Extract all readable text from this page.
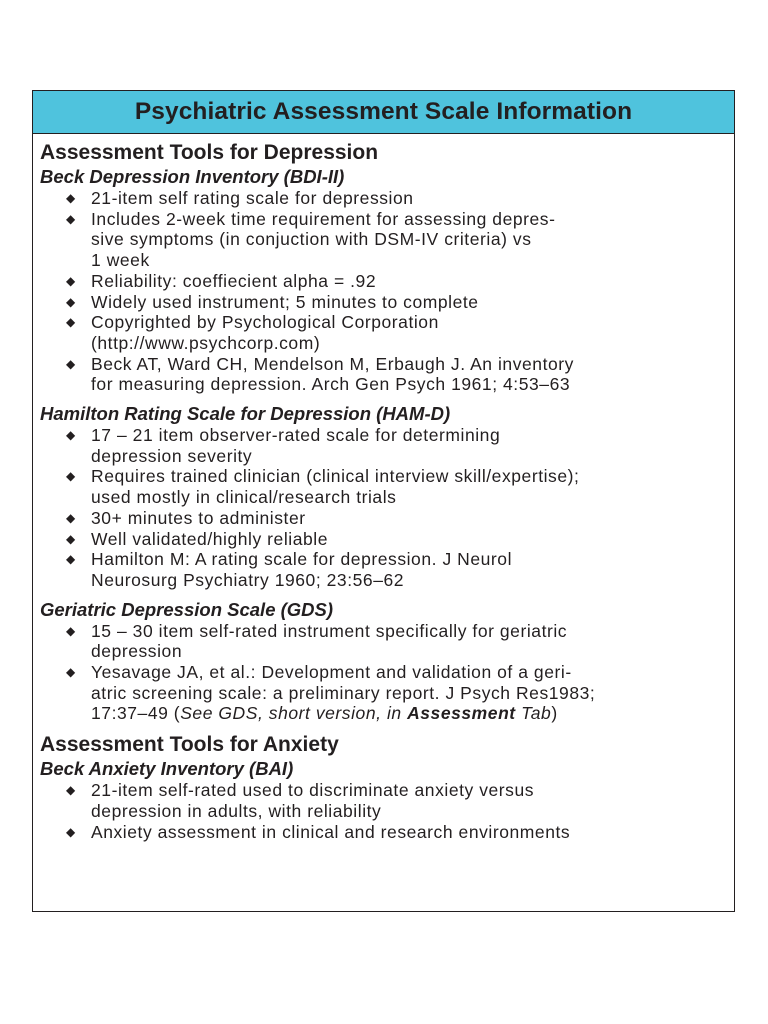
Psychiatric Assessment Scale Information
Assessment Tools for Depression
Beck Depression Inventory (BDI-II)
◆ 21-item self rating scale for depression
◆ Includes 2-week time requirement for assessing depres-
sive symptoms (in conjuction with DSM-IV criteria) vs
1 week
◆ Reliability: coeffiecient alpha = .92
◆ Widely used instrument; 5 minutes to complete
◆ Copyrighted by Psychological Corporation
(http://www.psychcorp.com)
◆ Beck AT, Ward CH, Mendelson M, Erbaugh J. An inventory
for measuring depression. Arch Gen Psych 1961; 4:53–63
Hamilton Rating Scale for Depression (HAM-D)
◆ 17 – 21 item observer-rated scale for determining
depression severity
◆ Requires trained clinician (clinical interview skill/expertise);
used mostly in clinical/research trials
◆ 30+ minutes to administer
◆ Well validated/highly reliable
◆ Hamilton M: A rating scale for depression. J Neurol
Neurosurg Psychiatry 1960; 23:56–62
Geriatric Depression Scale (GDS)
◆ 15 – 30 item self-rated instrument specifically for geriatric
depression
◆ Yesavage JA, et al.: Development and validation of a geri-
atric screening scale: a preliminary report. J Psych Res1983;
17:37–49 (See GDS, short version, in Assessment Tab)
Assessment Tools for Anxiety
Beck Anxiety Inventory (BAI)
◆ 21-item self-rated used to discriminate anxiety versus
depression in adults, with reliability
◆ Anxiety assessment in clinical and research environments
